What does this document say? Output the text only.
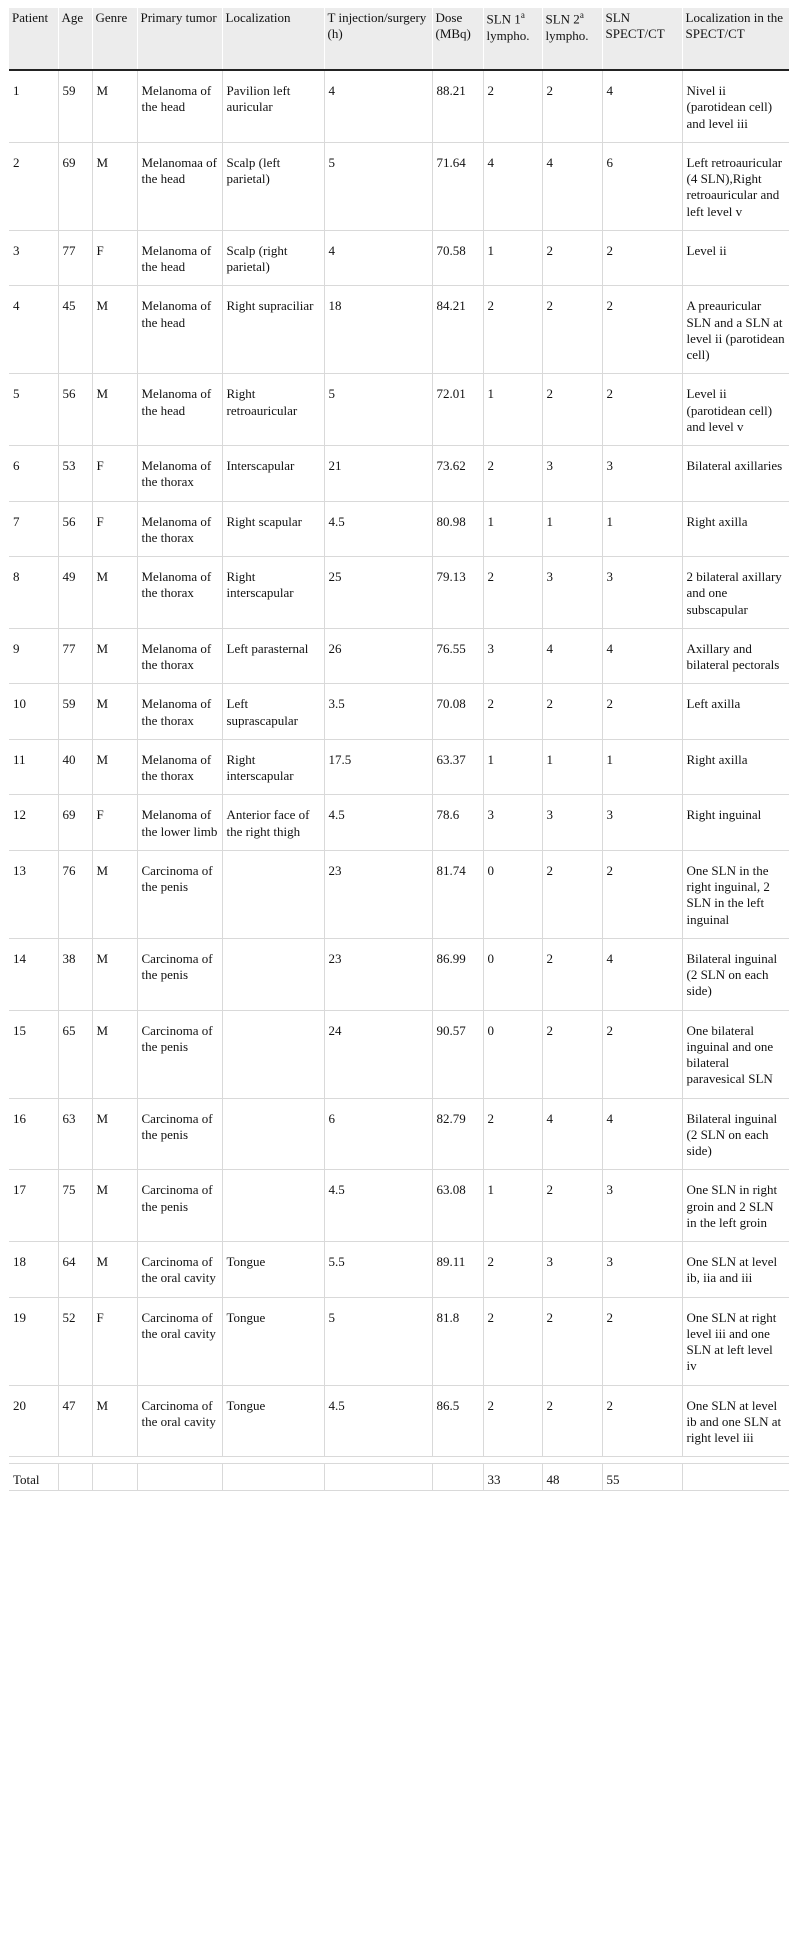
Patient	Age	Genre	Primary tumor	Localization	T injection/surgery (h)	Dose (MBq)	SLN 1$^a$ lympho.	SLN 2$^a$ lympho.	SLN SPECT/CT	Localization in the SPECT/CT
1	59	M	Melanoma of the head	Pavilion left auricular	4	88.21	2	2	4	Nivel ii (parotidean cell) and level iii
2	69	M	Melanomaa of the head	Scalp (left parietal)	5	71.64	4	4	6	Left retroauricular (4 SLN),Right retroauricular and left level v
3	77	F	Melanoma of the head	Scalp (right parietal)	4	70.58	1	2	2	Level ii
4	45	M	Melanoma of the head	Right supraciliar	18	84.21	2	2	2	A preauricular SLN and a SLN at level ii (parotidean cell)
5	56	M	Melanoma of the head	Right retroauricular	5	72.01	1	2	2	Level ii (parotidean cell) and level v
6	53	F	Melanoma of the thorax	Interscapular	21	73.62	2	3	3	Bilateral axillaries
7	56	F	Melanoma of the thorax	Right scapular	4.5	80.98	1	1	1	Right axilla
8	49	M	Melanoma of the thorax	Right interscapular	25	79.13	2	3	3	2 bilateral axillary and one subscapular
9	77	M	Melanoma of the thorax	Left parasternal	26	76.55	3	4	4	Axillary and bilateral pectorals
10	59	M	Melanoma of the thorax	Left suprascapular	3.5	70.08	2	2	2	Left axilla
11	40	M	Melanoma of the thorax	Right interscapular	17.5	63.37	1	1	1	Right axilla
12	69	F	Melanoma of the lower limb	Anterior face of the right thigh	4.5	78.6	3	3	3	Right inguinal
13	76	M	Carcinoma of the penis		23	81.74	0	2	2	One SLN in the right inguinal, 2 SLN in the left inguinal
14	38	M	Carcinoma of the penis		23	86.99	0	2	4	Bilateral inguinal (2 SLN on each side)
15	65	M	Carcinoma of the penis		24	90.57	0	2	2	One bilateral inguinal and one bilateral paravesical SLN
16	63	M	Carcinoma of the penis		6	82.79	2	4	4	Bilateral inguinal (2 SLN on each side)
17	75	M	Carcinoma of the penis		4.5	63.08	1	2	3	One SLN in right groin and 2 SLN in the left groin
18	64	M	Carcinoma of the oral cavity	Tongue	5.5	89.11	2	3	3	One SLN at level ib, iia and iii
19	52	F	Carcinoma of the oral cavity	Tongue	5	81.8	2	2	2	One SLN at right level iii and one SLN at left level iv
20	47	M	Carcinoma of the oral cavity	Tongue	4.5	86.5	2	2	2	One SLN at level ib and one SLN at right level iii

Total							33	48	55	
